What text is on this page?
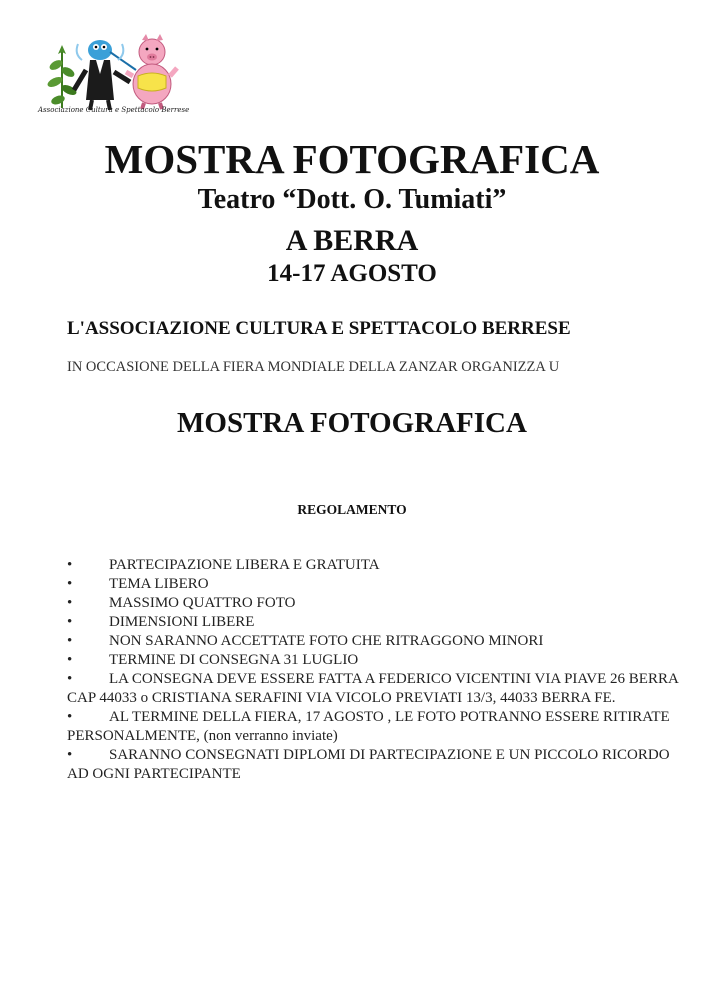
Associazione Cultura e Spettacolo Berrese
MOSTRA FOTOGRAFICA
Teatro “Dott. O. Tumiati”
A BERRA
14-17 AGOSTO
L'ASSOCIAZIONE CULTURA E SPETTACOLO BERRESE
IN OCCASIONE DELLA FIERA MONDIALE DELLA ZANZAR ORGANIZZA U
MOSTRA FOTOGRAFICA
REGOLAMENTO
• PARTECIPAZIONE LIBERA E GRATUITA
• TEMA LIBERO
• MASSIMO QUATTRO FOTO
• DIMENSIONI LIBERE
• NON SARANNO ACCETTATE FOTO CHE RITRAGGONO MINORI
• TERMINE DI CONSEGNA 31 LUGLIO
• LA CONSEGNA DEVE ESSERE FATTA A FEDERICO VICENTINI VIA PIAVE 26 BERRA CAP 44033 o CRISTIANA SERAFINI VIA VICOLO PREVIATI 13/3, 44033 BERRA FE.
• AL TERMINE DELLA FIERA, 17 AGOSTO , LE FOTO POTRANNO ESSERE RITIRATE PERSONALMENTE, (non verranno inviate)
• SARANNO CONSEGNATI DIPLOMI DI PARTECIPAZIONE E UN PICCOLO RICORDO AD OGNI PARTECIPANTE
